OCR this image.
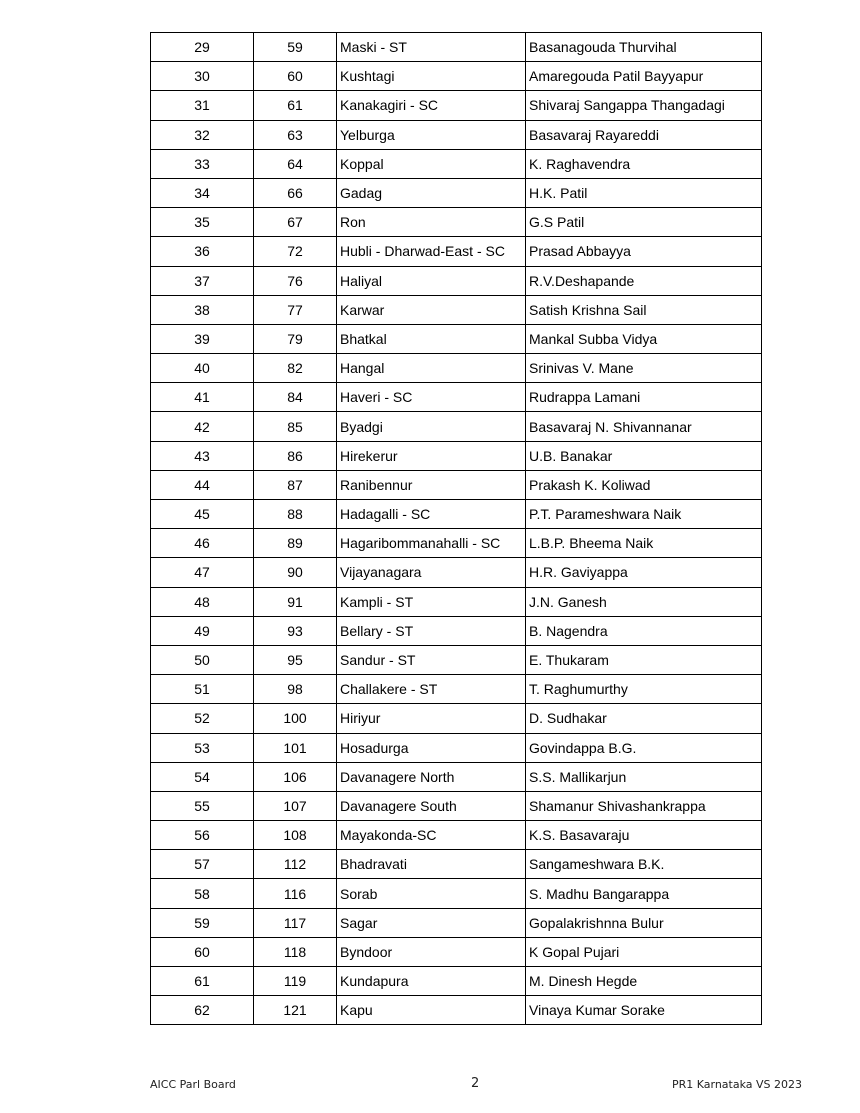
29	59	Maski - ST	Basanagouda Thurvihal
30	60	Kushtagi	Amaregouda Patil Bayyapur
31	61	Kanakagiri - SC	Shivaraj Sangappa Thangadagi
32	63	Yelburga	Basavaraj Rayareddi
33	64	Koppal	K. Raghavendra
34	66	Gadag	H.K. Patil
35	67	Ron	G.S Patil
36	72	Hubli - Dharwad-East - SC	Prasad Abbayya
37	76	Haliyal	R.V.Deshapande
38	77	Karwar	Satish Krishna Sail
39	79	Bhatkal	Mankal Subba Vidya
40	82	Hangal	Srinivas V. Mane
41	84	Haveri - SC	Rudrappa Lamani
42	85	Byadgi	Basavaraj N. Shivannanar
43	86	Hirekerur	U.B. Banakar
44	87	Ranibennur	Prakash K. Koliwad
45	88	Hadagalli - SC	P.T. Parameshwara Naik
46	89	Hagaribommanahalli - SC	L.B.P. Bheema Naik
47	90	Vijayanagara	H.R. Gaviyappa
48	91	Kampli - ST	J.N. Ganesh
49	93	Bellary - ST	B. Nagendra
50	95	Sandur - ST	E. Thukaram
51	98	Challakere - ST	T. Raghumurthy
52	100	Hiriyur	D. Sudhakar
53	101	Hosadurga	Govindappa B.G.
54	106	Davanagere North	S.S. Mallikarjun
55	107	Davanagere South	Shamanur Shivashankrappa
56	108	Mayakonda-SC	K.S. Basavaraju
57	112	Bhadravati	Sangameshwara B.K.
58	116	Sorab	S. Madhu Bangarappa
59	117	Sagar	Gopalakrishnna Bulur
60	118	Byndoor	K Gopal Pujari
61	119	Kundapura	M. Dinesh Hegde
62	121	Kapu	Vinaya Kumar Sorake
AICC Parl Board	2	PR1 Karnataka VS 2023
